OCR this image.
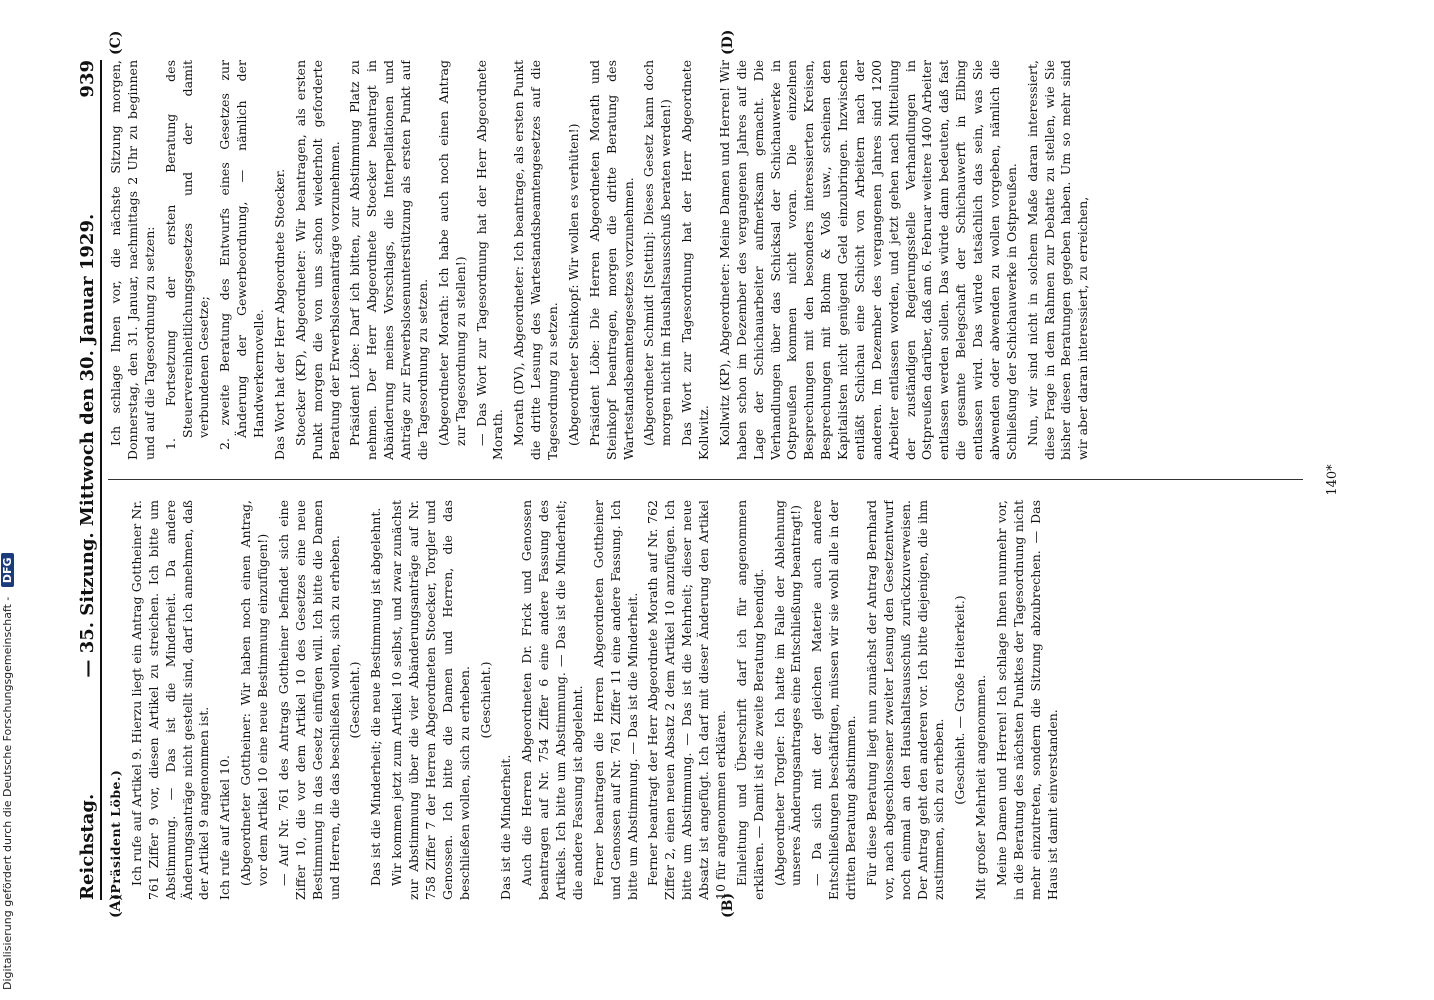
Reichstag.
— 35. Sitzung. Mittwoch den 30. Januar 1929.
939
(A)	(B)
(C)	(D)

(Präsident Löbe.) Ich rufe auf Artikel 9. Hierzu liegt ein Antrag Gottheiner Nr. 761 Ziffer 9 vor, diesen Artikel zu streichen. Ich bitte um Abstimmung. — Das ist die Minderheit. Da andere Änderungsanträge nicht gestellt sind, darf ich annehmen, daß der Artikel 9 angenommen ist. Ich rufe auf Artikel 10. (Abgeordneter Gottheiner: Wir haben noch einen Antrag, vor dem Artikel 10 eine neue Bestimmung einzufügen!) — Auf Nr. 761 des Antrags Gottheiner befindet sich eine Ziffer 10, die vor dem Artikel 10 des Gesetzes eine neue Bestimmung in das Gesetz einfügen will. Ich bitte die Damen und Herren, die das beschließen wollen, sich zu erheben. (Geschieht.) Das ist die Minderheit; die neue Bestimmung ist abgelehnt. Wir kommen jetzt zum Artikel 10 selbst, und zwar zunächst zur Abstimmung über die vier Abänderungsanträge auf Nr. 758 Ziffer 7 der Herren Abgeordneten Stoecker, Torgler und Genossen. Ich bitte die Damen und Herren, die das beschließen wollen, sich zu erheben. (Geschieht.)

Das ist die Minderheit. Auch die Herren Abgeordneten Dr. Frick und Genossen beantragen auf Nr. 754 Ziffer 6 eine andere Fassung des Artikels. Ich bitte um Abstimmung. — Das ist die Minderheit; die andere Fassung ist abgelehnt. Ferner beantragen die Herren Abgeordneten Gottheiner und Genossen auf Nr. 761 Ziffer 11 eine andere Fassung. Ich bitte um Abstimmung. — Das ist die Minderheit. Ferner beantragt der Herr Abgeordnete Morath auf Nr. 762 Ziffer 2, einen neuen Absatz 2 dem Artikel 10 anzufügen. Ich bitte um Abstimmung. — Das ist die Mehrheit; dieser neue Absatz ist angefügt. Ich darf mit dieser Änderung den Artikel 10 für angenommen erklären. Einleitung und Überschrift darf ich für angenommen erklären. — Damit ist die zweite Beratung beendigt. (Abgeordneter Torgler: Ich hatte im Falle der Ablehnung unseres Änderungsantrages eine Entschließung beantragt!) — Da sich mit der gleichen Materie auch andere Entschließungen beschäftigen, müssen wir sie wohl alle in der dritten Beratung abstimmen. Für diese Beratung liegt nun zunächst der Antrag Bernhard vor, nach abgeschlossener zweiter Lesung den Gesetzentwurf noch einmal an den Haushaltsausschuß zurückzuverweisen. Der Antrag geht den anderen vor. Ich bitte diejenigen, die ihm zustimmen, sich zu erheben.

(Geschieht. — Große Heiterkeit.) Mit großer Mehrheit angenommen. Meine Damen und Herren! Ich schlage Ihnen nunmehr vor, in die Beratung des nächsten Punktes der Tagesordnung nicht mehr einzutreten, sondern die Sitzung abzubrechen. — Das Haus ist damit einverstanden.

Ich schlage Ihnen vor, die nächste Sitzung morgen, Donnerstag, den 31. Januar, nachmittags 2 Uhr zu beginnen und auf die Tagesordnung zu setzen: 1. Fortsetzung der ersten Beratung des Steuervereinheitlichungsgesetzes und der damit verbundenen Gesetze; 2. zweite Beratung des Entwurfs eines Gesetzes zur Änderung der Gewerbeordnung, — nämlich der Handwerkernovelle. Das Wort hat der Herr Abgeordnete Stoecker. Stoecker (KP), Abgeordneter: Wir beantragen, als ersten Punkt morgen die von uns schon wiederholt geforderte Beratung der Erwerbslosenanträge vorzunehmen. Präsident Löbe: Darf ich bitten, zur Abstimmung Platz zu nehmen. Der Herr Abgeordnete Stoecker beantragt in Abänderung meines Vorschlags, die Interpellationen und Anträge zur Erwerbslosenunterstützung als ersten Punkt auf die Tagesordnung zu setzen. (Abgeordneter Morath: Ich habe auch noch einen Antrag zur Tagesordnung zu stellen!) — Das Wort zur Tagesordnung hat der Herr Abgeordnete Morath. Morath (DV), Abgeordneter: Ich beantrage, als ersten Punkt die dritte Lesung des Wartestandsbeamtengesetzes auf die Tagesordnung zu setzen. (Abgeordneter Steinkopf: Wir wollen es verhüten!) Präsident Löbe: Die Herren Abgeordneten Morath und Steinkopf beantragen, morgen die dritte Beratung des Wartestandsbeamtengesetzes vorzunehmen. (Abgeordneter Schmidt [Stettin]: Dieses Gesetz kann doch morgen nicht im Haushaltsausschuß beraten werden!) Das Wort zur Tagesordnung hat der Herr Abgeordnete Kollwitz. Kollwitz (KP), Abgeordneter: Meine Damen und Herren! Wir haben schon im Dezember des vergangenen Jahres auf die Lage der Schichauarbeiter aufmerksam gemacht. Die Verhandlungen über das Schicksal der Schichauwerke in Ostpreußen kommen nicht voran. Die einzelnen Besprechungen mit den besonders interessierten Kreisen, Besprechungen mit Blohm & Voß usw., scheinen den Kapitalisten nicht genügend Geld einzubringen. Inzwischen entläßt Schichau eine Schicht von Arbeitern nach der anderen. Im Dezember des vergangenen Jahres sind 1200 Arbeiter entlassen worden, und jetzt gehen nach Mitteilung der zuständigen Regierungsstelle Verhandlungen in Ostpreußen darüber, daß am 6. Februar weitere 1400 Arbeiter entlassen werden sollen. Das würde dann bedeuten, daß fast die gesamte Belegschaft der Schichauwerft in Elbing entlassen wird. Das würde tatsächlich das sein, was Sie abwenden oder abwenden zu wollen vorgeben, nämlich die Schließung der Schichauwerke in Ostpreußen. Nun, wir sind nicht in solchem Maße daran interessiert, diese Frage in dem Rahmen zur Debatte zu stellen, wie Sie bisher diesen Beratungen gegeben haben. Um so mehr sind wir aber daran interessiert, zu erreichen,

140*
Digitalisierung gefördert durch die Deutsche Forschungsgemeinschaft - DFG
